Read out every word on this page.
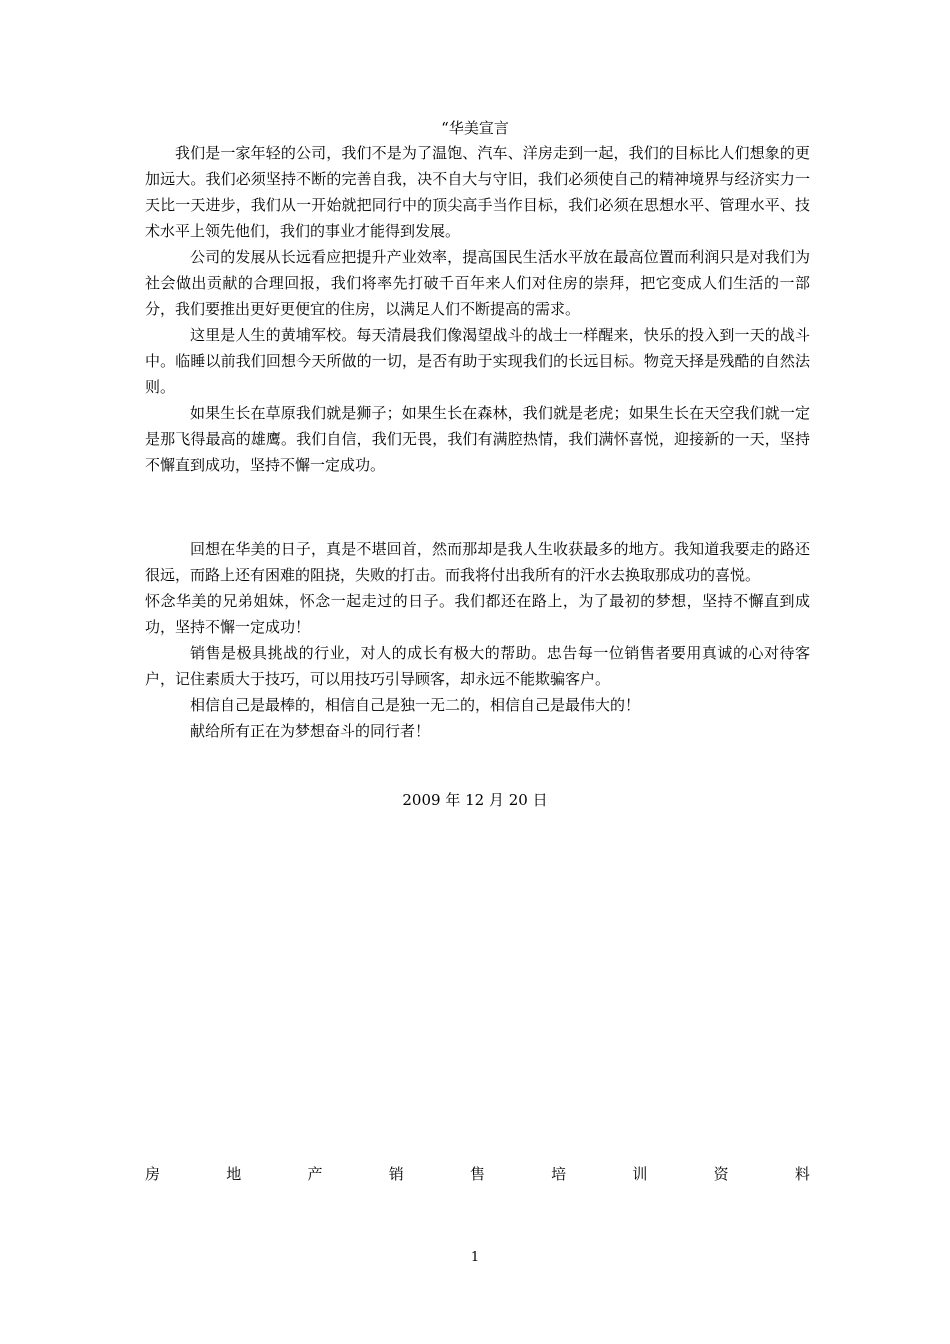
“华美宣言

我们是一家年轻的公司，我们不是为了温饱、汽车、洋房走到一起，我们的目标比人们想象的更加远大。我们必须坚持不断的完善自我，决不自大与守旧，我们必须使自己的精神境界与经济实力一天比一天进步，我们从一开始就把同行中的顶尖高手当作目标，我们必须在思想水平、管理水平、技术水平上领先他们，我们的事业才能得到发展。

公司的发展从长远看应把提升产业效率，提高国民生活水平放在最高位置而利润只是对我们为社会做出贡献的合理回报，我们将率先打破千百年来人们对住房的崇拜，把它变成人们生活的一部分，我们要推出更好更便宜的住房，以满足人们不断提高的需求。

这里是人生的黄埔军校。每天清晨我们像渴望战斗的战士一样醒来，快乐的投入到一天的战斗中。临睡以前我们回想今天所做的一切，是否有助于实现我们的长远目标。物竞天择是残酷的自然法则。

如果生长在草原我们就是狮子；如果生长在森林，我们就是老虎；如果生长在天空我们就一定是那飞得最高的雄鹰。我们自信，我们无畏，我们有满腔热情，我们满怀喜悦，迎接新的一天，坚持不懈直到成功，坚持不懈一定成功。

回想在华美的日子，真是不堪回首，然而那却是我人生收获最多的地方。我知道我要走的路还很远，而路上还有困难的阻挠，失败的打击。而我将付出我所有的汗水去换取那成功的喜悦。

怀念华美的兄弟姐妹，怀念一起走过的日子。我们都还在路上，为了最初的梦想，坚持不懈直到成功，坚持不懈一定成功！

销售是极具挑战的行业，对人的成长有极大的帮助。忠告每一位销售者要用真诚的心对待客户，记住素质大于技巧，可以用技巧引导顾客，却永远不能欺骗客户。

相信自己是最棒的，相信自己是独一无二的，相信自己是最伟大的！

献给所有正在为梦想奋斗的同行者！

2009 年 12 月 20 日
房	地	产	销	售	培	训	资	料
1
